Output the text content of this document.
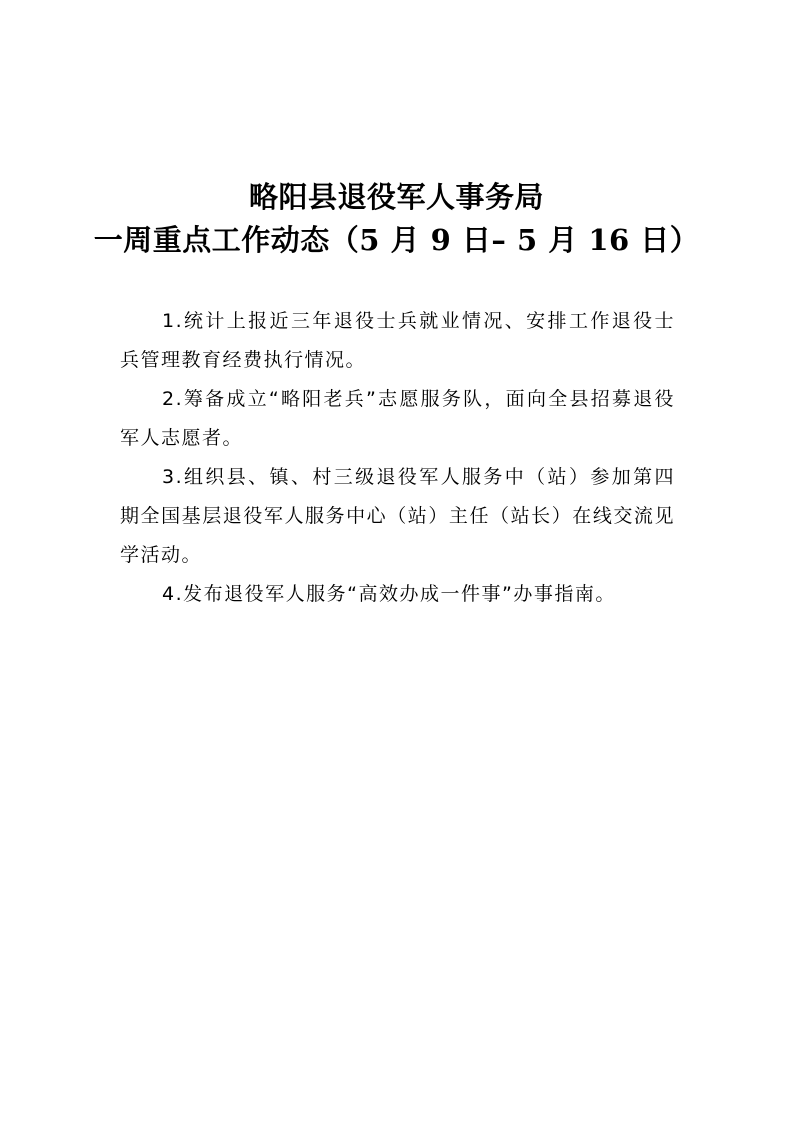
略阳县退役军人事务局
一周重点工作动态（5 月 9 日– 5 月 16 日）

1.统计上报近三年退役士兵就业情况、安排工作退役士兵管理教育经费执行情况。

2.筹备成立“略阳老兵”志愿服务队，面向全县招募退役军人志愿者。

3.组织县、镇、村三级退役军人服务中（站）参加第四期全国基层退役军人服务中心（站）主任（站长）在线交流见学活动。

4.发布退役军人服务“高效办成一件事”办事指南。
